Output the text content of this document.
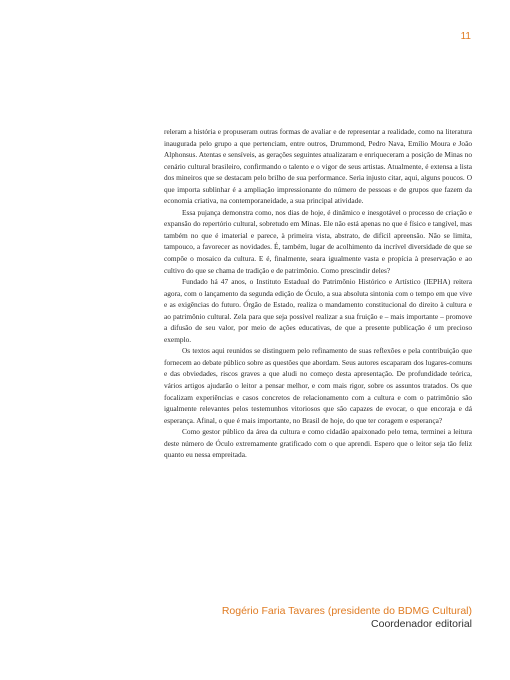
11

releram a história e propuseram outras formas de avaliar e de representar a realidade, como na literatura inaugurada pelo grupo a que pertenciam, entre outros, Drummond, Pedro Nava, Emílio Moura e João Alphonsus. Atentas e sensíveis, as gerações seguintes atualizaram e enriqueceram a posição de Minas no cenário cultural brasileiro, confirmando o talento e o vigor de seus artistas. Atualmente, é extensa a lista dos mineiros que se destacam pelo brilho de sua performance. Seria injusto citar, aqui, alguns poucos. O que importa sublinhar é a ampliação impressionante do número de pessoas e de grupos que fazem da economia criativa, na contemporaneidade, a sua principal atividade.

Essa pujança demonstra como, nos dias de hoje, é dinâmico e inesgotável o processo de criação e expansão do repertório cultural, sobretudo em Minas. Ele não está apenas no que é físico e tangível, mas também no que é imaterial e parece, à primeira vista, abstrato, de difícil apreensão. Não se limita, tampouco, a favorecer as novidades. É, também, lugar de acolhimento da incrível diversidade de que se compõe o mosaico da cultura. E é, finalmente, seara igualmente vasta e propícia à preservação e ao cultivo do que se chama de tradição e de patrimônio. Como prescindir deles?

Fundado há 47 anos, o Instituto Estadual do Patrimônio Histórico e Artístico (IEPHA) reitera agora, com o lançamento da segunda edição de Óculo, a sua absoluta sintonia com o tempo em que vive e as exigências do futuro. Órgão de Estado, realiza o mandamento constitucional do direito à cultura e ao patrimônio cultural. Zela para que seja possível realizar a sua fruição e – mais importante – promove a difusão de seu valor, por meio de ações educativas, de que a presente publicação é um precioso exemplo.

Os textos aqui reunidos se distinguem pelo refinamento de suas reflexões e pela contribuição que fornecem ao debate público sobre as questões que abordam. Seus autores escaparam dos lugares-comuns e das obviedades, riscos graves a que aludi no começo desta apresentação. De profundidade teórica, vários artigos ajudarão o leitor a pensar melhor, e com mais rigor, sobre os assuntos tratados. Os que focalizam experiências e casos concretos de relacionamento com a cultura e com o patrimônio são igualmente relevantes pelos testemunhos vitoriosos que são capazes de evocar, o que encoraja e dá esperança. Afinal, o que é mais importante, no Brasil de hoje, do que ter coragem e esperança?

Como gestor público da área da cultura e como cidadão apaixonado pelo tema, terminei a leitura deste número de Óculo extremamente gratificado com o que aprendi. Espero que o leitor seja tão feliz quanto eu nessa empreitada.

Rogério Faria Tavares (presidente do BDMG Cultural)
Coordenador editorial
